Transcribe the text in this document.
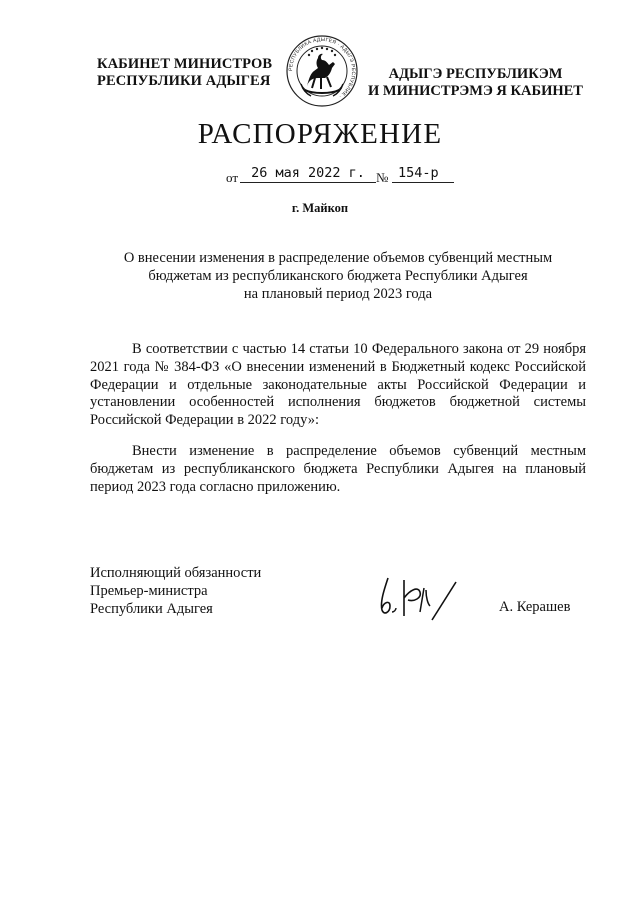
КАБИНЕТ МИНИСТРОВ
РЕСПУБЛИКИ АДЫГЕЯ
РЕСПУБЛИКА АДЫГЕЯ · АДЫГЭ РЕСПУБЛИК ·
АДЫГЭ РЕСПУБЛИКЭМ
И МИНИСТРЭМЭ Я КАБИНЕТ
РАСПОРЯЖЕНИЕ
от 26 мая 2022 г. № 154-р
г. Майкоп
О внесении изменения в распределение объемов субвенций местным
бюджетам из республиканского бюджета Республики Адыгея
на плановый период 2023 года
В соответствии с частью 14 статьи 10 Федерального закона от 29 ноября 2021 года № 384-ФЗ «О внесении изменений в Бюджетный кодекс Российской Федерации и отдельные законодательные акты Российской Федерации и установлении особенностей исполнения бюджетов бюджетной системы Российской Федерации в 2022 году»:
Внести изменение в распределение объемов субвенций местным бюджетам из республиканского бюджета Республики Адыгея на плановый период 2023 года согласно приложению.
Исполняющий обязанности
Премьер-министра
Республики Адыгея	А. Керашев
